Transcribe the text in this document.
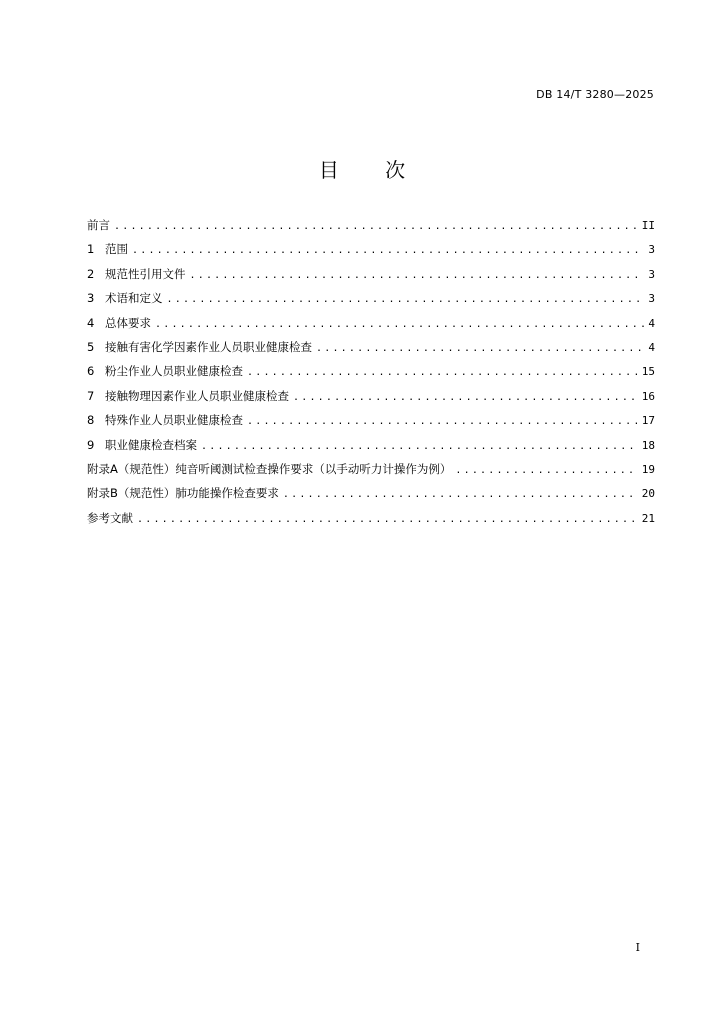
DB 14/T 3280—2025
目 次
前言 .....	II
1 范围 .....	3
2 规范性引用文件 .....	3
3 术语和定义 .....	3
4 总体要求 .....	4
5 接触有害化学因素作业人员职业健康检查 .....	4
6 粉尘作业人员职业健康检查 .....	15
7 接触物理因素作业人员职业健康检查 .....	16
8 特殊作业人员职业健康检查 .....	17
9 职业健康检查档案 .....	18
附录A（规范性）纯音听阈测试检查操作要求（以手动听力计操作为例） .....	19
附录B（规范性）肺功能操作检查要求 .....	20
参考文献 .....	21
I
